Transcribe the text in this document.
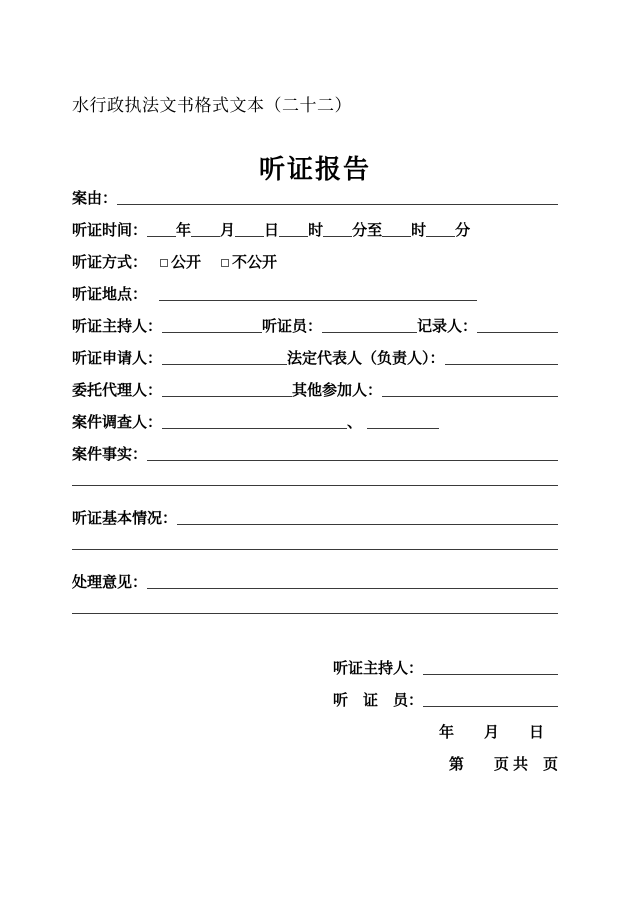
水行政执法文书格式文本（二十二）

听证报告
案由：
听证时间： 年 月 日 时 分至 时 分
听证方式： 公开 不公开
听证地点：
听证主持人：	听证员：	记录人：
听证申请人：	法定代表人（负责人）：
委托代理人：	其他参加人：
案件调查人：	、
案件事实：
听证基本情况：
处理意见：
听证主持人：
听　证　员：
年　　月　　日
第　　页 共　页
